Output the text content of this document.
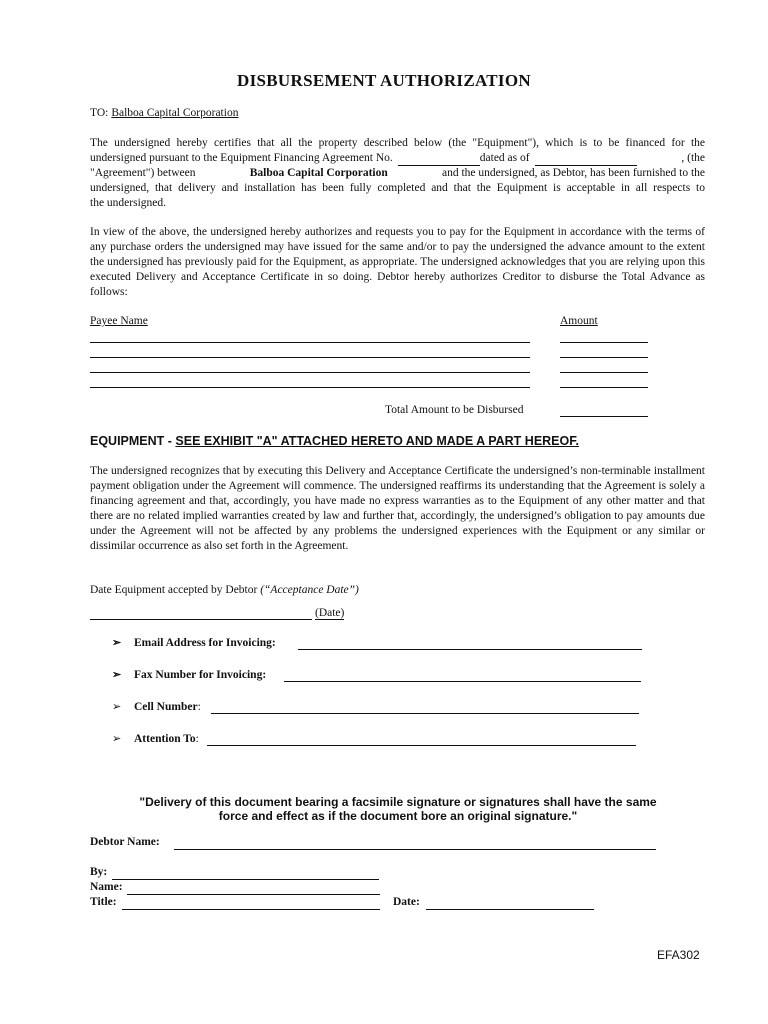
DISBURSEMENT AUTHORIZATION
TO: Balboa Capital Corporation
The undersigned hereby certifies that all the property described below (the "Equipment"), which is to be financed for the
undersigned pursuant to the Equipment Financing Agreement No.	dated as of	, (the
"Agreement") between	Balboa Capital Corporation	and the undersigned, as Debtor, has been furnished to the
undersigned, that delivery and installation has been fully completed and that the Equipment is acceptable in all respects to
the undersigned.
In view of the above, the undersigned hereby authorizes and requests you to pay for the Equipment in accordance with the terms of any purchase orders the undersigned may have issued for the same and/or to pay the undersigned the advance amount to the extent the undersigned has previously paid for the Equipment, as appropriate. The undersigned acknowledges that you are relying upon this executed Delivery and Acceptance Certificate in so doing. Debtor hereby authorizes Creditor to disburse the Total Advance as follows:
Payee Name	Amount
Total Amount to be Disbursed
EQUIPMENT - SEE EXHIBIT "A" ATTACHED HERETO AND MADE A PART HEREOF.
The undersigned recognizes that by executing this Delivery and Acceptance Certificate the undersigned’s non-terminable installment payment obligation under the Agreement will commence. The undersigned reaffirms its understanding that the Agreement is solely a financing agreement and that, accordingly, you have made no express warranties as to the Equipment of any other matter and that there are no related implied warranties created by law and further that, accordingly, the undersigned’s obligation to pay amounts due under the Agreement will not be affected by any problems the undersigned experiences with the Equipment or any similar or dissimilar occurrence as also set forth in the Agreement.
Date Equipment accepted by Debtor (“Acceptance Date”)
(Date)
➢ Email Address for Invoicing:
➢ Fax Number for Invoicing:
➢ Cell Number:
➢ Attention To:
"Delivery of this document bearing a facsimile signature or signatures shall have the same
force and effect as if the document bore an original signature."
Debtor Name:
By:
Name:
Title:	Date:
EFA302
